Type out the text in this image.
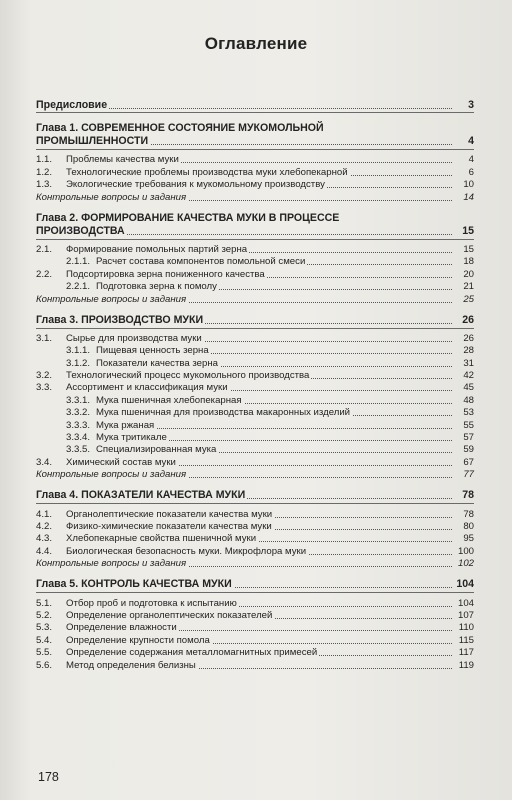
Оглавление
Предисловие	3
Глава 1. СОВРЕМЕННОЕ СОСТОЯНИЕ МУКОМОЛЬНОЙ
ПРОМЫШЛЕННОСТИ	4
1.1.	Проблемы качества муки	4
1.2.	Технологические проблемы производства муки хлебопекарной	6
1.3.	Экологические требования к мукомольному производству	10
Контрольные вопросы и задания	14
Глава 2. ФОРМИРОВАНИЕ КАЧЕСТВА МУКИ В ПРОЦЕССЕ
ПРОИЗВОДСТВА	15
2.1.	Формирование помольных партий зерна	15
2.1.1. Расчет состава компонентов помольной смеси	18
2.2.	Подсортировка зерна пониженного качества	20
2.2.1. Подготовка зерна к помолу	21
Контрольные вопросы и задания	25
Глава 3. ПРОИЗВОДСТВО МУКИ	26
3.1.	Сырье для производства муки	26
3.1.1. Пищевая ценность зерна	28
3.1.2. Показатели качества зерна	31
3.2.	Технологический процесс мукомольного производства	42
3.3.	Ассортимент и классификация муки	45
3.3.1. Мука пшеничная хлебопекарная	48
3.3.2. Мука пшеничная для производства макаронных изделий	53
3.3.3. Мука ржаная	55
3.3.4. Мука тритикале	57
3.3.5. Специализированная мука	59
3.4.	Химический состав муки	67
Контрольные вопросы и задания	77
Глава 4. ПОКАЗАТЕЛИ КАЧЕСТВА МУКИ	78
4.1.	Органолептические показатели качества муки	78
4.2.	Физико-химические показатели качества муки	80
4.3.	Хлебопекарные свойства пшеничной муки	95
4.4.	Биологическая безопасность муки. Микрофлора муки	100
Контрольные вопросы и задания	102
Глава 5. КОНТРОЛЬ КАЧЕСТВА МУКИ	104
5.1.	Отбор проб и подготовка к испытанию	104
5.2.	Определение органолептических показателей	107
5.3.	Определение влажности	110
5.4.	Определение крупности помола	115
5.5.	Определение содержания металломагнитных примесей	117
5.6.	Метод определения белизны	119
178
